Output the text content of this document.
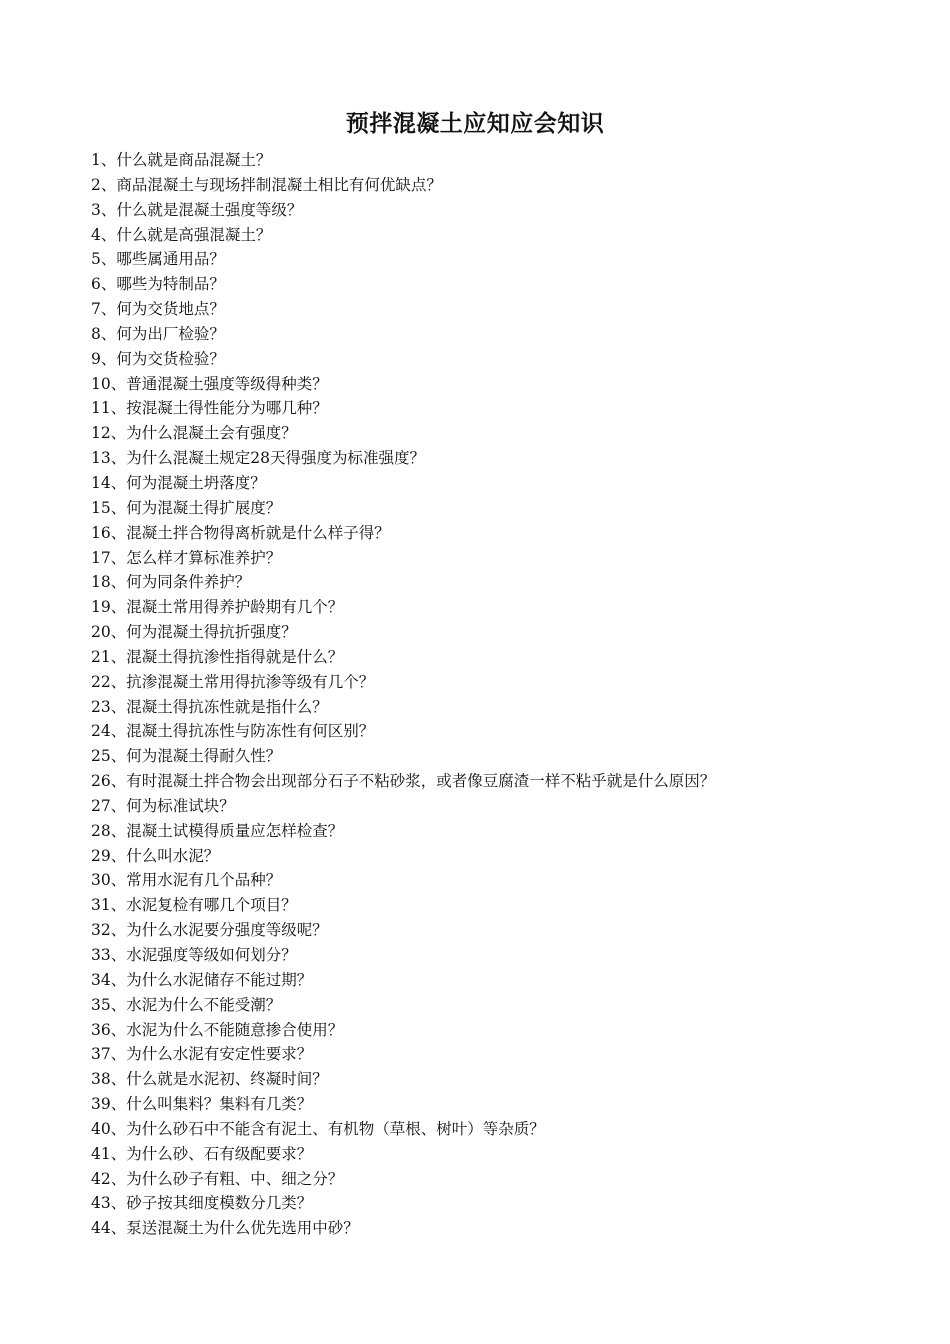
预拌混凝土应知应会知识
1、什么就是商品混凝土？
2、商品混凝土与现场拌制混凝土相比有何优缺点？
3、什么就是混凝土强度等级？
4、什么就是高强混凝土？
5、哪些属通用品？
6、哪些为特制品？
7、何为交货地点？
8、何为出厂检验？
9、何为交货检验？
10、普通混凝土强度等级得种类？
11、按混凝土得性能分为哪几种？
12、为什么混凝土会有强度？
13、为什么混凝土规定28天得强度为标准强度？
14、何为混凝土坍落度？
15、何为混凝土得扩展度？
16、混凝土拌合物得离析就是什么样子得？
17、怎么样才算标准养护？
18、何为同条件养护？
19、混凝土常用得养护龄期有几个？
20、何为混凝土得抗折强度？
21、混凝土得抗渗性指得就是什么？
22、抗渗混凝土常用得抗渗等级有几个？
23、混凝土得抗冻性就是指什么？
24、混凝土得抗冻性与防冻性有何区别？
25、何为混凝土得耐久性？
26、有时混凝土拌合物会出现部分石子不粘砂浆，或者像豆腐渣一样不粘乎就是什么原因？
27、何为标准试块？
28、混凝土试模得质量应怎样检查？
29、什么叫水泥？
30、常用水泥有几个品种？
31、水泥复检有哪几个项目？
32、为什么水泥要分强度等级呢？
33、水泥强度等级如何划分？
34、为什么水泥储存不能过期？
35、水泥为什么不能受潮？
36、水泥为什么不能随意掺合使用？
37、为什么水泥有安定性要求？
38、什么就是水泥初、终凝时间？
39、什么叫集料？集料有几类？
40、为什么砂石中不能含有泥土、有机物（草根、树叶）等杂质？
41、为什么砂、石有级配要求？
42、为什么砂子有粗、中、细之分？
43、砂子按其细度模数分几类？
44、泵送混凝土为什么优先选用中砂？
